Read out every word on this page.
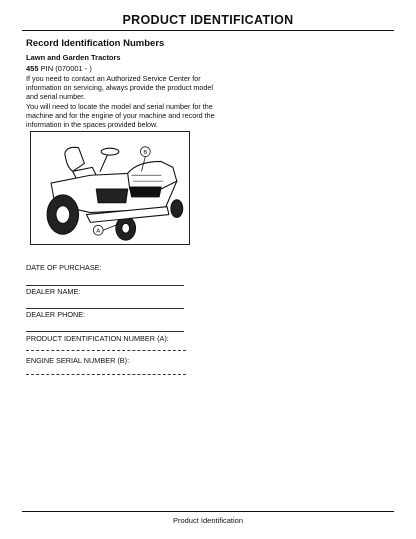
PRODUCT IDENTIFICATION
Record Identification Numbers
Lawn and Garden Tractors
455 PIN (070001 - )
If you need to contact an Authorized Service Center for information on servicing, always provide the product model and serial number.
You will need to locate the model and serial number for the machine and for the engine of your machine and record the information in the spaces provided below.
B
A
DATE OF PURCHASE:
DEALER NAME:
DEALER PHONE:
PRODUCT IDENTIFICATION NUMBER (A):
ENGINE SERIAL NUMBER (B):
Product Identification
